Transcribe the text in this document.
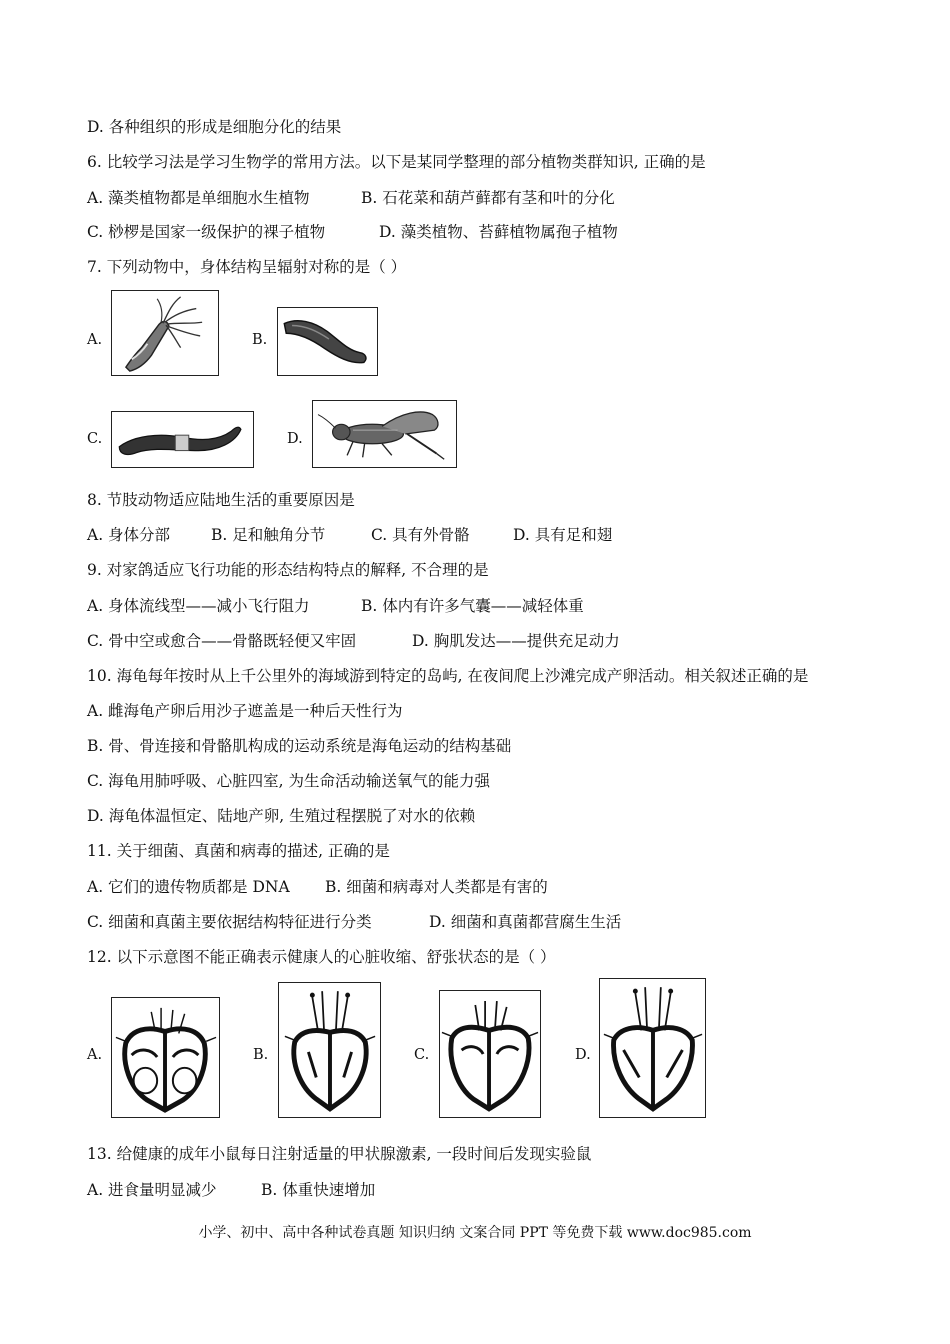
D. 各种组织的形成是细胞分化的结果
6. 比较学习法是学习生物学的常用方法。以下是某同学整理的部分植物类群知识, 正确的是
A. 藻类植物都是单细胞水生植物	B. 石花菜和葫芦藓都有茎和叶的分化
C. 桫椤是国家一级保护的裸子植物	D. 藻类植物、苔藓植物属孢子植物
7. 下列动物中，身体结构呈辐射对称的是（ ）
A.	B.
C.	D.
8. 节肢动物适应陆地生活的重要原因是
A. 身体分部	B. 足和触角分节	C. 具有外骨骼	D. 具有足和翅
9. 对家鸽适应飞行功能的形态结构特点的解释, 不合理的是
A. 身体流线型——减小飞行阻力	B. 体内有许多气囊——减轻体重
C. 骨中空或愈合——骨骼既轻便又牢固	D. 胸肌发达——提供充足动力
10. 海龟每年按时从上千公里外的海域游到特定的岛屿, 在夜间爬上沙滩完成产卵活动。相关叙述正确的是
A. 雌海龟产卵后用沙子遮盖是一种后天性行为
B. 骨、骨连接和骨骼肌构成的运动系统是海龟运动的结构基础
C. 海龟用肺呼吸、心脏四室, 为生命活动输送氧气的能力强
D. 海龟体温恒定、陆地产卵, 生殖过程摆脱了对水的依赖
11. 关于细菌、真菌和病毒的描述, 正确的是
A. 它们的遗传物质都是 DNA B. 细菌和病毒对人类都是有害的
C. 细菌和真菌主要依据结构特征进行分类	D. 细菌和真菌都营腐生生活
12. 以下示意图不能正确表示健康人的心脏收缩、舒张状态的是（ ）
A.	B.	C.	D.
13. 给健康的成年小鼠每日注射适量的甲状腺激素, 一段时间后发现实验鼠
A. 进食量明显减少	B. 体重快速增加
小学、初中、高中各种试卷真题 知识归纳 文案合同 PPT 等免费下载 www.doc985.com
